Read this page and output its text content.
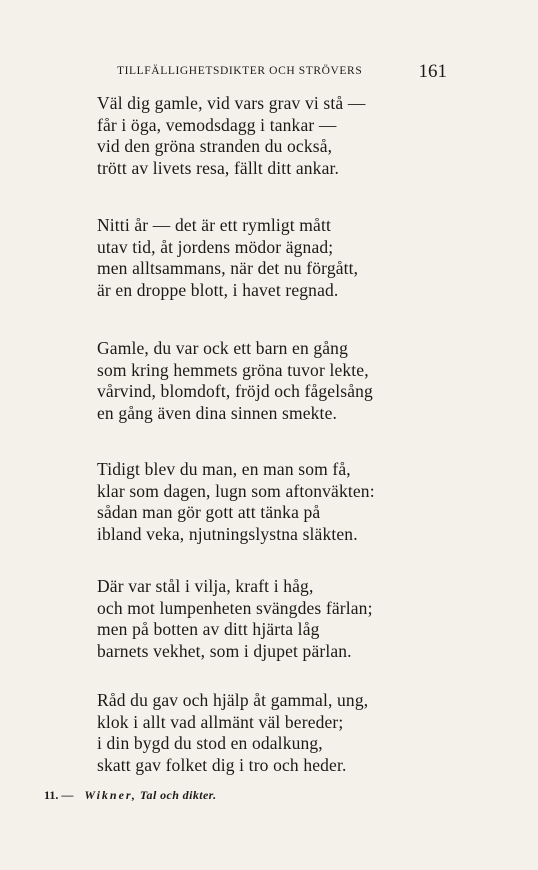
TILLFÄLLIGHETSDIKTER OCH STRÖVERS	161
Väl dig gamle, vid vars grav vi stå —
får i öga, vemodsdagg i tankar —
vid den gröna stranden du också,
trött av livets resa, fällt ditt ankar.
Nitti år — det är ett rymligt mått
utav tid, åt jordens mödor ägnad;
men alltsammans, när det nu förgått,
är en droppe blott, i havet regnad.
Gamle, du var ock ett barn en gång
som kring hemmets gröna tuvor lekte,
vårvind, blomdoft, fröjd och fågelsång
en gång även dina sinnen smekte.
Tidigt blev du man, en man som få,
klar som dagen, lugn som aftonväkten:
sådan man gör gott att tänka på
ibland veka, njutningslystna släkten.
Där var stål i vilja, kraft i håg,
och mot lumpenheten svängdes färlan;
men på botten av ditt hjärta låg
barnets vekhet, som i djupet pärlan.
Råd du gav och hjälp åt gammal, ung,
klok i allt vad allmänt väl bereder;
i din bygd du stod en odalkung,
skatt gav folket dig i tro och heder.
11. — Wikner, Tal och dikter.
